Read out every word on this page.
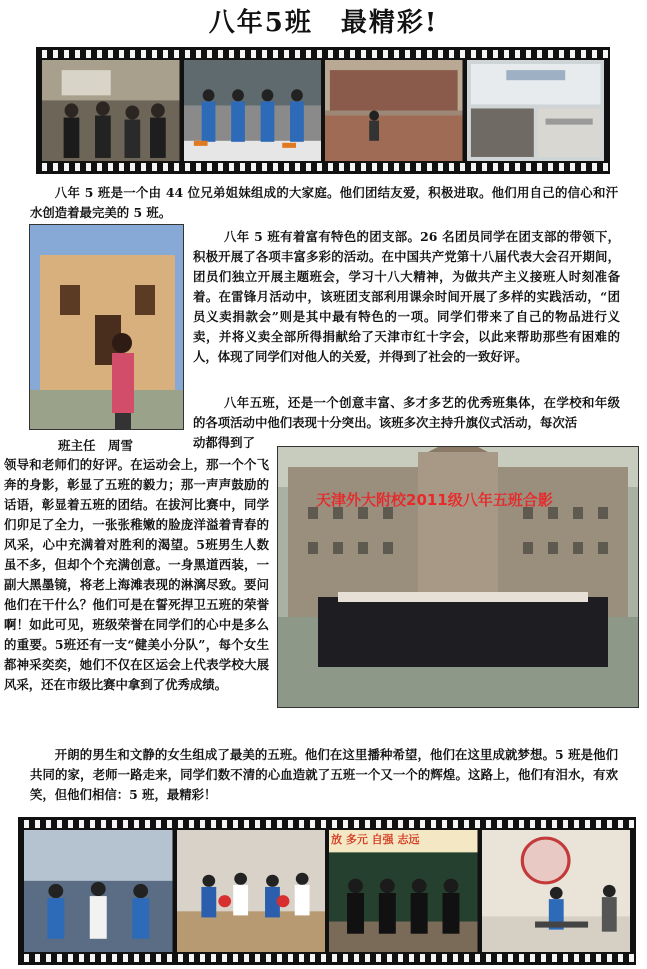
八年5班　最精彩!
八年 5 班是一个由 44 位兄弟姐妹组成的大家庭。他们团结友爱，积极进取。他们用自己的信心和汗水创造着最完美的 5 班。
八年 5 班有着富有特色的团支部。26 名团员同学在团支部的带领下，积极开展了各项丰富多彩的活动。在中国共产党第十八届代表大会召开期间，团员们独立开展主题班会，学习十八大精神，为做共产主义接班人时刻准备着。在雷锋月活动中，该班团支部利用课余时间开展了多样的实践活动，“团员义卖捐款会”则是其中最有特色的一项。同学们带来了自己的物品进行义卖，并将义卖全部所得捐献给了天津市红十字会，以此来帮助那些有困难的人，体现了同学们对他人的关爱，并得到了社会的一致好评。
八年五班，还是一个创意丰富、多才多艺的优秀班集体，在学校和年级的各项活动中他们表现十分突出。该班多次主持升旗仪式活动，每次活
班主任　周雪	动都得到了
领导和老师们的好评。在运动会上，那一个个飞奔的身影，彰显了五班的毅力；那一声声鼓励的话语，彰显着五班的团结。在拔河比赛中，同学们卯足了全力，一张张稚嫩的脸庞洋溢着青春的风采，心中充满着对胜利的渴望。5班男生人数虽不多，但却个个充满创意。一身黑道西装，一副大黑墨镜，将老上海滩表现的淋漓尽致。要问他们在干什么？他们可是在誓死捍卫五班的荣誉啊！如此可见，班级荣誉在同学们的心中是多么的重要。5班还有一支“健美小分队”，每个女生都神采奕奕，她们不仅在区运会上代表学校大展风采，还在市级比赛中拿到了优秀成绩。
天津外大附校2011级八年五班合影
开朗的男生和文静的女生组成了最美的五班。他们在这里播种希望，他们在这里成就梦想。5 班是他们共同的家，老师一路走来，同学们数不清的心血造就了五班一个又一个的辉煌。这路上，他们有泪水，有欢笑，但他们相信：5 班，最精彩！
放 多元 自强 志远
